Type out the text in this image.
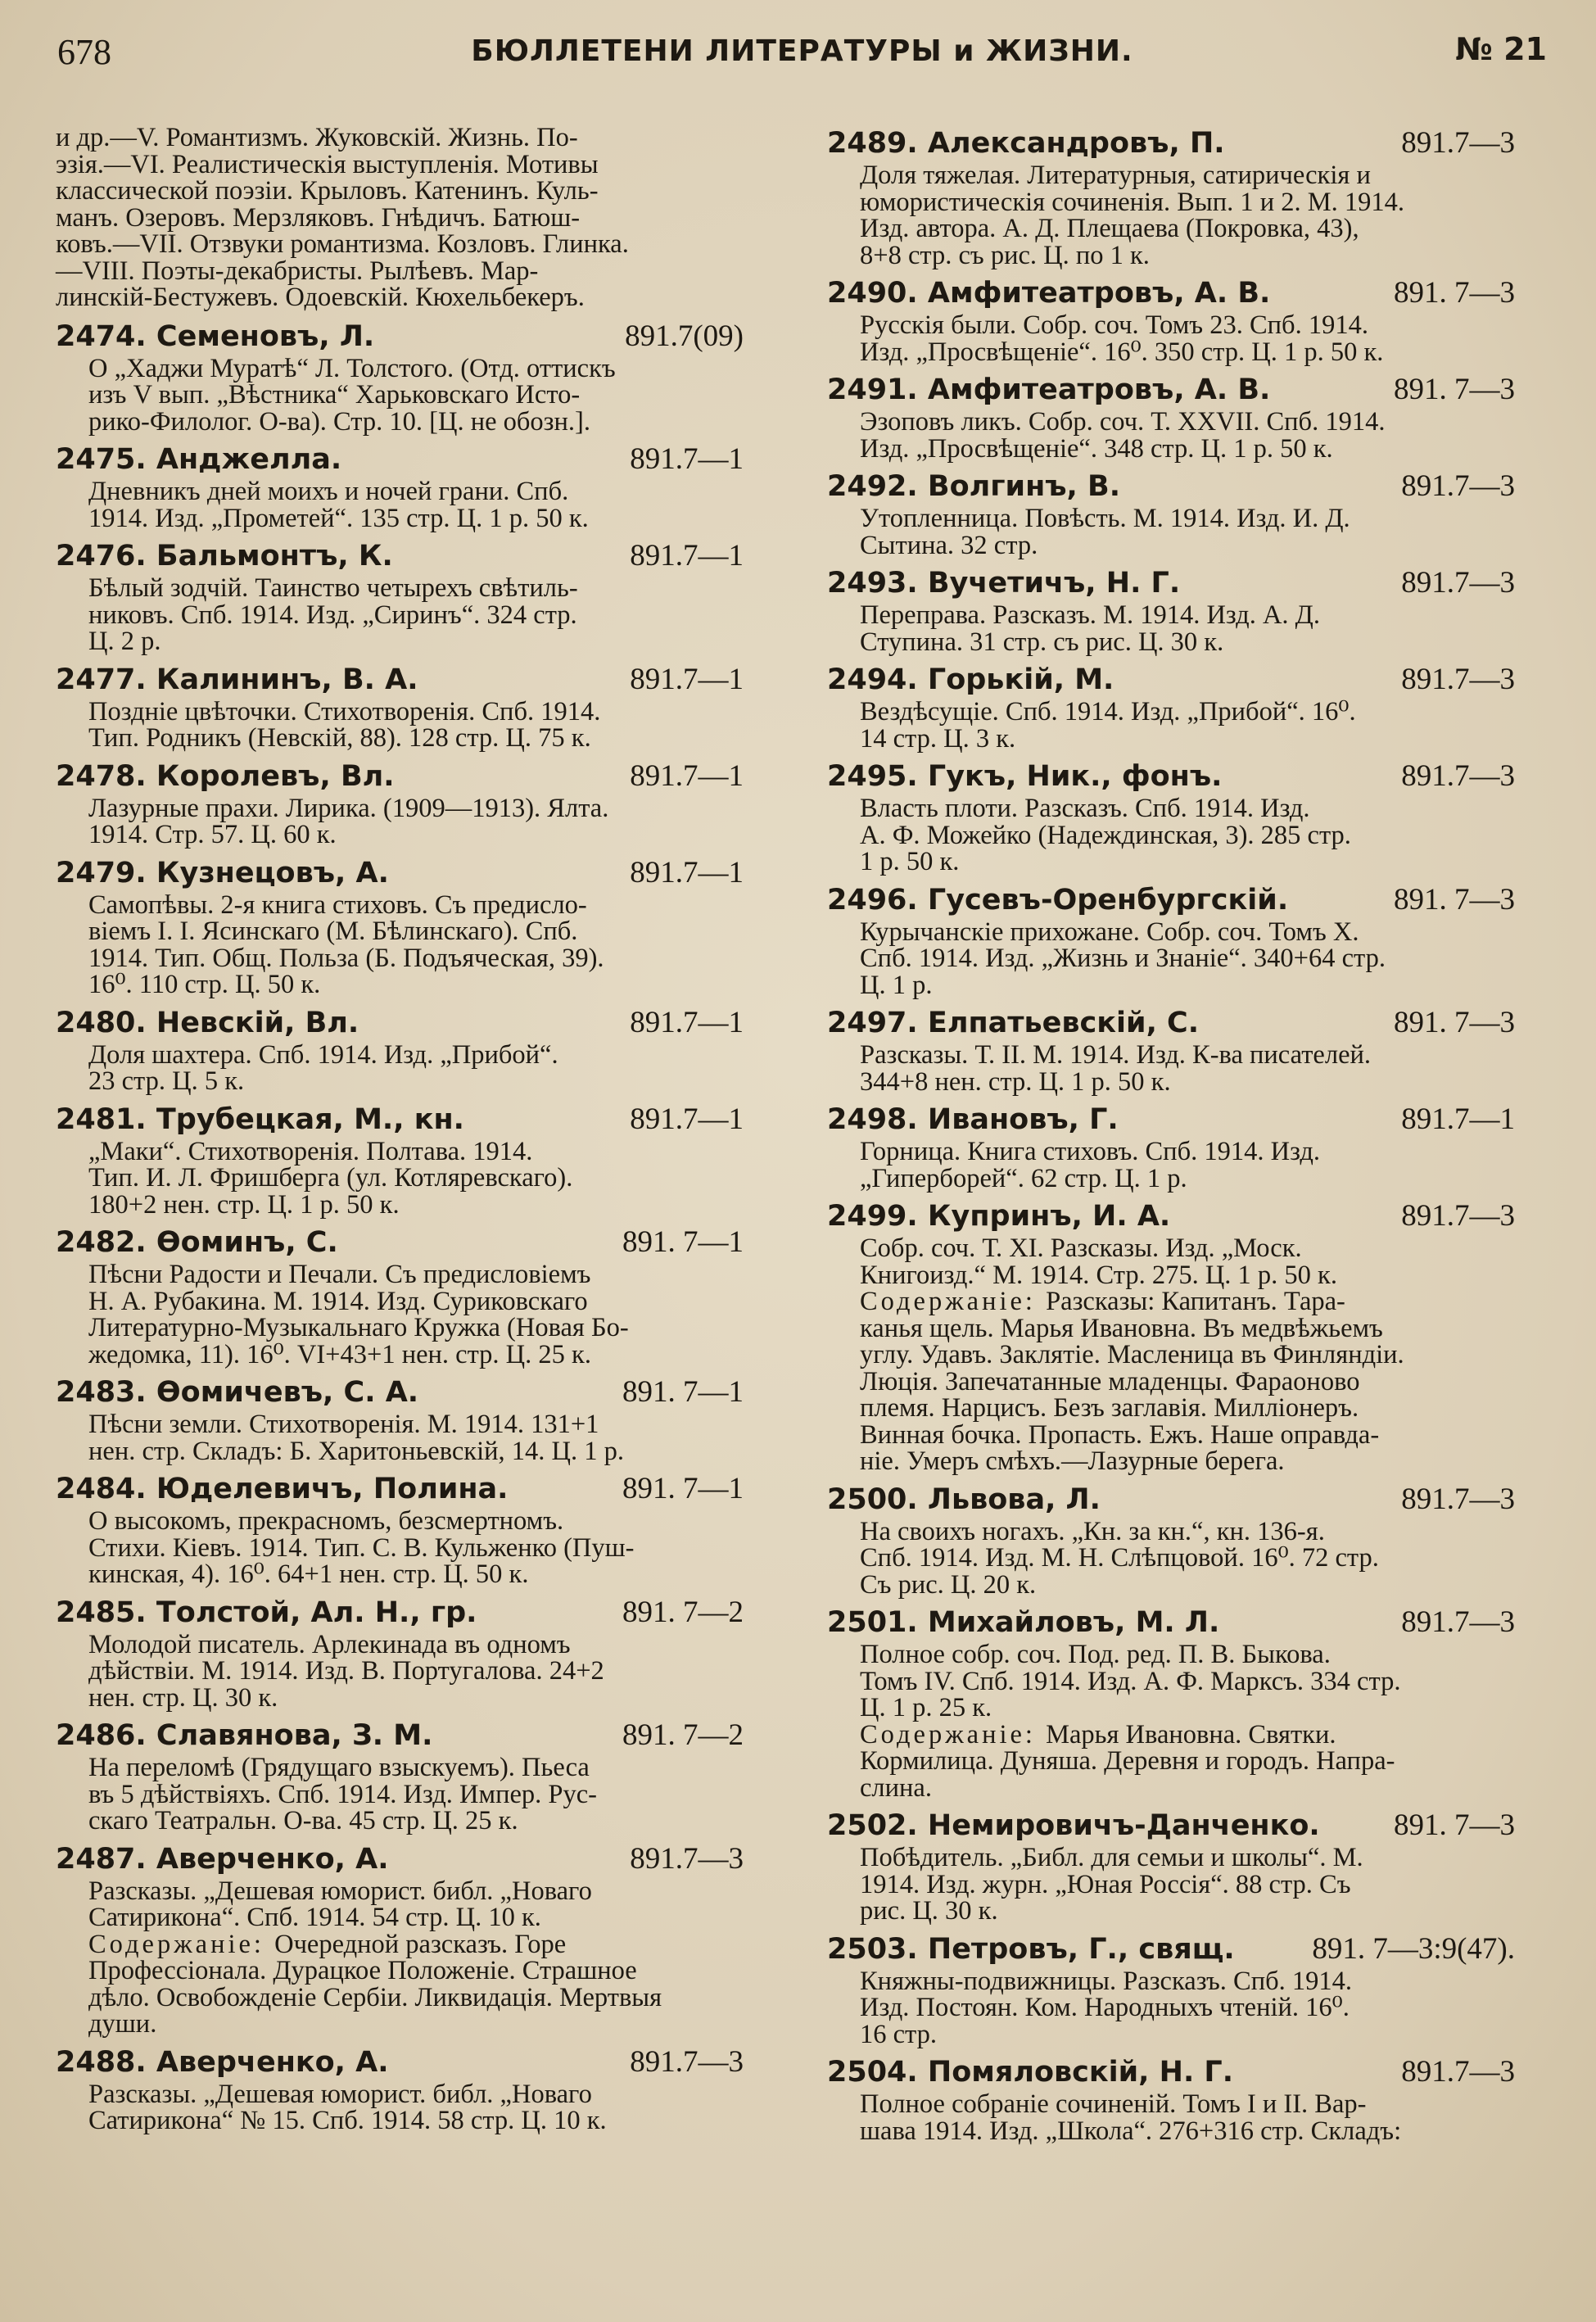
678	БЮЛЛЕТЕНИ ЛИТЕРАТУРЫ и ЖИЗНИ.	№ 21
и др.—V. Романтизмъ. Жуковскій. Жизнь. По-
эзія.—VI. Реалистическія выступленія. Мотивы
классической поэзіи. Крыловъ. Катенинъ. Куль-
манъ. Озеровъ. Мерзляковъ. Гнѣдичъ. Батюш-
ковъ.—VII. Отзвуки романтизма. Козловъ. Глинка.
—VIII. Поэты-декабристы. Рылѣевъ. Мар-
линскій-Бестужевъ. Одоевскій. Кюхельбекеръ.
2474. Семеновъ, Л.	891.7(09)
О „Хаджи Муратѣ“ Л. Толстого. (Отд. оттискъ
изъ V вып. „Вѣстника“ Харьковскаго Исто-
рико-Филолог. О-ва). Стр. 10. [Ц. не обозн.].
2475. Анджелла.	891.7—1
Дневникъ дней моихъ и ночей грани. Спб.
1914. Изд. „Прометей“. 135 стр. Ц. 1 р. 50 к.
2476. Бальмонтъ, К.	891.7—1
Бѣлый зодчій. Таинство четырехъ свѣтиль-
никовъ. Спб. 1914. Изд. „Сиринъ“. 324 стр.
Ц. 2 р.
2477. Калининъ, В. А.	891.7—1
Поздніе цвѣточки. Стихотворенія. Спб. 1914.
Тип. Родникъ (Невскій, 88). 128 стр. Ц. 75 к.
2478. Королевъ, Вл.	891.7—1
Лазурные прахи. Лирика. (1909—1913). Ялта.
1914. Стр. 57. Ц. 60 к.
2479. Кузнецовъ, А.	891.7—1
Самопѣвы. 2-я книга стиховъ. Съ предисло-
віемъ I. I. Ясинскаго (М. Бѣлинскаго). Спб.
1914. Тип. Общ. Польза (Б. Подъяческая, 39).
16⁰. 110 стр. Ц. 50 к.
2480. Невскій, Вл.	891.7—1
Доля шахтера. Спб. 1914. Изд. „Прибой“.
23 стр. Ц. 5 к.
2481. Трубецкая, М., кн.	891.7—1
„Маки“. Стихотворенія. Полтава. 1914.
Тип. И. Л. Фришберга (ул. Котляревскаго).
180+2 нен. стр. Ц. 1 р. 50 к.
2482. Ѳоминъ, С.	891. 7—1
Пѣсни Радости и Печали. Съ предисловіемъ
Н. А. Рубакина. М. 1914. Изд. Суриковскаго
Литературно-Музыкальнаго Кружка (Новая Бо-
жедомка, 11). 16⁰. VI+43+1 нен. стр. Ц. 25 к.
2483. Ѳомичевъ, С. А.	891. 7—1
Пѣсни земли. Стихотворенія. М. 1914. 131+1
нен. стр. Складъ: Б. Харитоньевскій, 14. Ц. 1 р.
2484. Юделевичъ, Полина.	891. 7—1
О высокомъ, прекрасномъ, безсмертномъ.
Стихи. Кіевъ. 1914. Тип. С. В. Кульженко (Пуш-
кинская, 4). 16⁰. 64+1 нен. стр. Ц. 50 к.
2485. Толстой, Ал. Н., гр.	891. 7—2
Молодой писатель. Арлекинада въ одномъ
дѣйствіи. М. 1914. Изд. В. Португалова. 24+2
нен. стр. Ц. 30 к.
2486. Славянова, З. М.	891. 7—2
На переломѣ (Грядущаго взыскуемъ). Пьеса
въ 5 дѣйствіяхъ. Спб. 1914. Изд. Импер. Рус-
скаго Театральн. О-ва. 45 стр. Ц. 25 к.
2487. Аверченко, А.	891.7—3
Разсказы. „Дешевая юморист. библ. „Новаго
Сатирикона“. Спб. 1914. 54 стр. Ц. 10 к.
Содержаніе: Очередной разсказъ. Горе
Профессіонала. Дурацкое Положеніе. Страшное
дѣло. Освобожденіе Сербіи. Ликвидація. Мертвыя
души.
2488. Аверченко, А.	891.7—3
Разсказы. „Дешевая юморист. библ. „Новаго
Сатирикона“ № 15. Спб. 1914. 58 стр. Ц. 10 к.
2489. Александровъ, П.	891.7—3
Доля тяжелая. Литературныя, сатирическія и
юмористическія сочиненія. Вып. 1 и 2. М. 1914.
Изд. автора. А. Д. Плещаева (Покровка, 43),
8+8 стр. съ рис. Ц. по 1 к.
2490. Амфитеатровъ, А. В.	891. 7—3
Русскія были. Собр. соч. Томъ 23. Спб. 1914.
Изд. „Просвѣщеніе“. 16⁰. 350 стр. Ц. 1 р. 50 к.
2491. Амфитеатровъ, А. В.	891. 7—3
Эзоповъ ликъ. Собр. соч. Т. XXVII. Спб. 1914.
Изд. „Просвѣщеніе“. 348 стр. Ц. 1 р. 50 к.
2492. Волгинъ, В.	891.7—3
Утопленница. Повѣсть. М. 1914. Изд. И. Д.
Сытина. 32 стр.
2493. Вучетичъ, Н. Г.	891.7—3
Переправа. Разсказъ. М. 1914. Изд. А. Д.
Ступина. 31 стр. съ рис. Ц. 30 к.
2494. Горькій, М.	891.7—3
Вездѣсущіе. Спб. 1914. Изд. „Прибой“. 16⁰.
14 стр. Ц. 3 к.
2495. Гукъ, Ник., фонъ.	891.7—3
Власть плоти. Разсказъ. Спб. 1914. Изд.
А. Ф. Можейко (Надеждинская, 3). 285 стр.
1 р. 50 к.
2496. Гусевъ-Оренбургскій.	891. 7—3
Курычанскіе прихожане. Собр. соч. Томъ X.
Спб. 1914. Изд. „Жизнь и Знаніе“. 340+64 стр.
Ц. 1 р.
2497. Елпатьевскій, С.	891. 7—3
Разсказы. Т. II. М. 1914. Изд. К-ва писателей.
344+8 нен. стр. Ц. 1 р. 50 к.
2498. Ивановъ, Г.	891.7—1
Горница. Книга стиховъ. Спб. 1914. Изд.
„Гиперборей“. 62 стр. Ц. 1 р.
2499. Купринъ, И. А.	891.7—3
Собр. соч. Т. XI. Разсказы. Изд. „Моск.
Книгоизд.“ М. 1914. Стр. 275. Ц. 1 р. 50 к.
Содержаніе: Разсказы: Капитанъ. Тара-
канья щель. Марья Ивановна. Въ медвѣжьемъ
углу. Удавъ. Заклятіе. Масленица въ Финляндіи.
Люція. Запечатанные младенцы. Фараоново
племя. Нарцисъ. Безъ заглавія. Милліонеръ.
Винная бочка. Пропасть. Ежъ. Наше оправда-
ніе. Умеръ смѣхъ.—Лазурные берега.
2500. Львова, Л.	891.7—3
На своихъ ногахъ. „Кн. за кн.“, кн. 136-я.
Спб. 1914. Изд. М. Н. Слѣпцовой. 16⁰. 72 стр.
Съ рис. Ц. 20 к.
2501. Михайловъ, М. Л.	891.7—3
Полное собр. соч. Под. ред. П. В. Быкова.
Томъ IV. Спб. 1914. Изд. А. Ф. Марксъ. 334 стр.
Ц. 1 р. 25 к.
Содержаніе: Марья Ивановна. Святки.
Кормилица. Дуняша. Деревня и городъ. Напра-
слина.
2502. Немировичъ-Данченко. 891. 7—3
Побѣдитель. „Библ. для семьи и школы“. М.
1914. Изд. журн. „Юная Россія“. 88 стр. Съ
рис. Ц. 30 к.
2503. Петровъ, Г., свящ.	891. 7—3:9(47).
Княжны-подвижницы. Разсказъ. Спб. 1914.
Изд. Постоян. Ком. Народныхъ чтеній. 16⁰.
16 стр.
2504. Помяловскій, Н. Г.	891.7—3
Полное собраніе сочиненій. Томъ I и II. Вар-
шава 1914. Изд. „Школа“. 276+316 стр. Складъ:
